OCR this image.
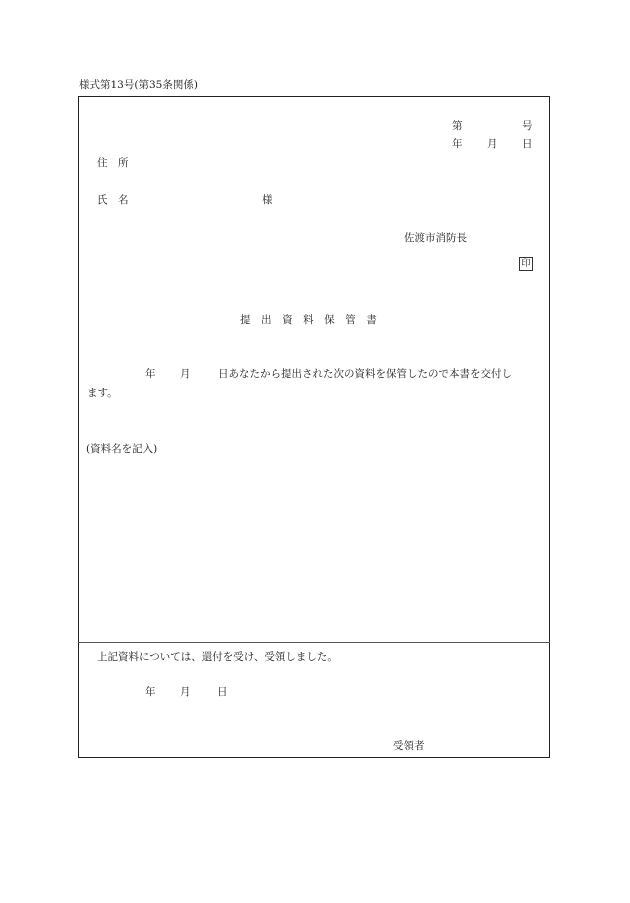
様式第13号(第35条関係)
第	号
年 月 日
住　所
氏　名	様
佐渡市消防長
印
提 出 資 料 保 管 書
年 月	日あなたから提出された次の資料を保管したので本書を交付し
ます。
(資料名を記入)
上記資料については、還付を受け、受領しました。
年 月	日
受領者
